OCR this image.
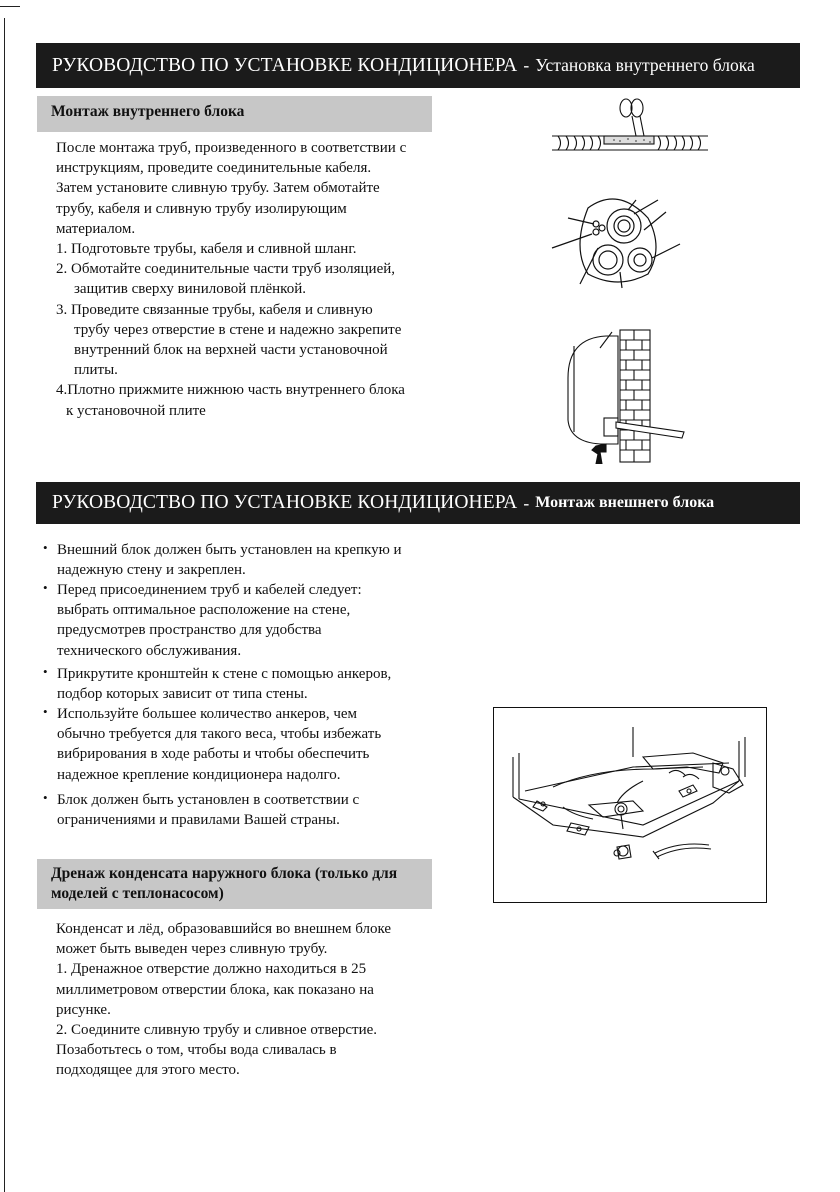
РУКОВОДСТВО ПО УСТАНОВКЕ КОНДИЦИОНЕРА - Установка внутреннего блока
Монтаж внутреннего блока
После монтажа труб, произведенного в соответствии с
инструкциям, проведите соединительные кабеля.
Затем установите сливную трубу. Затем обмотайте
трубу, кабеля и сливную трубу изолирующим
материалом.
1. Подготовьте трубы, кабеля и сливной шланг.
2. Обмотайте соединительные части труб изоляцией,
защитив сверху виниловой плёнкой.
3. Проведите связанные трубы, кабеля и сливную
трубу через отверстие в стене и надежно закрепите
внутренний блок на верхней части установочной
плиты.
4.Плотно прижмите нижнюю часть внутреннего блока
к установочной плите
РУКОВОДСТВО ПО УСТАНОВКЕ КОНДИЦИОНЕРА - Монтаж внешнего блока
• Внешний блок должен быть установлен на крепкую и
надежную стену и закреплен.
• Перед присоединением труб и кабелей следует:
выбрать оптимальное расположение на стене,
предусмотрев пространство для удобства
технического обслуживания.
• Прикрутите кронштейн к стене с помощью анкеров,
подбор которых зависит от типа стены.
• Используйте большее количество анкеров, чем
обычно требуется для такого веса, чтобы избежать
вибрирования в ходе работы и чтобы обеспечить
надежное крепление кондиционера надолго.
• Блок должен быть установлен в соответствии с
ограничениями и правилами Вашей страны.
Дренаж конденсата наружного блока (только для
моделей с теплонасосом)
Конденсат и лёд, образовавшийся во внешнем блоке
может быть выведен через сливную трубу.
1. Дренажное отверстие должно находиться в 25
миллиметровом отверстии блока, как показано на
рисунке.
2. Соедините сливную трубу и сливное отверстие.
Позаботьтесь о том, чтобы вода сливалась в
подходящее для этого место.
